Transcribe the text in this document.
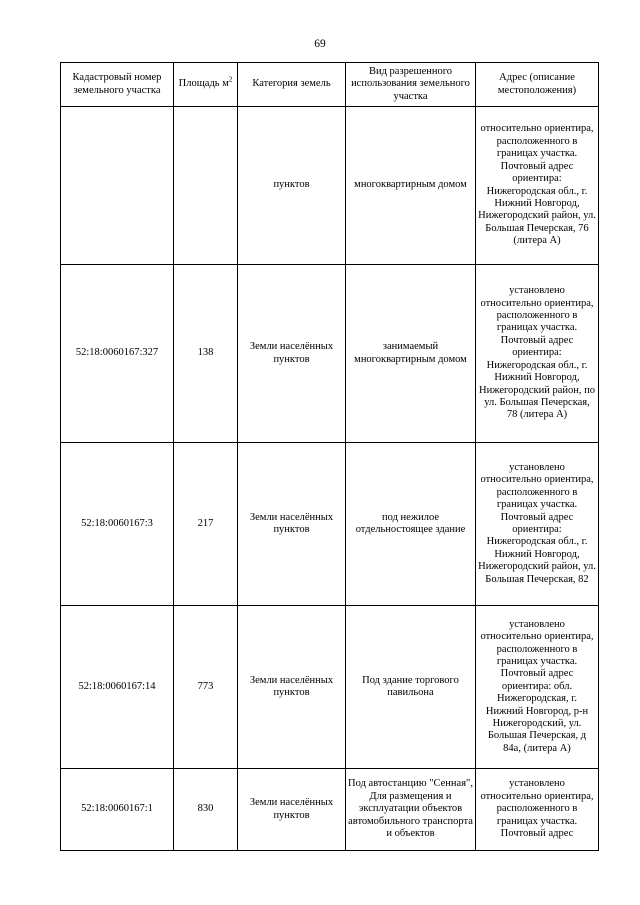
69
Кадастровый номер земельного участка	Площадь $м^2$	Категория земель	Вид разрешенного использования земельного участка	Адрес (описание местоположения)
		пунктов	многоквартирным домом	относительно ориентира, расположенного в границах участка. Почтовый адрес ориентира: Нижегородская обл., г. Нижний Новгород, Нижегородский район, ул. Большая Печерская, 76 (литера А)
52:18:0060167:327	138	Земли населённых пунктов	занимаемый многоквартирным домом	установлено относительно ориентира, расположенного в границах участка. Почтовый адрес ориентира: Нижегородская обл., г. Нижний Новгород, Нижегородский район, по ул. Большая Печерская, 78 (литера А)
52:18:0060167:3	217	Земли населённых пунктов	под нежилое отдельностоящее здание	установлено относительно ориентира, расположенного в границах участка. Почтовый адрес ориентира: Нижегородская обл., г. Нижний Новгород, Нижегородский район, ул. Большая Печерская, 82
52:18:0060167:14	773	Земли населённых пунктов	Под здание торгового павильона	установлено относительно ориентира, расположенного в границах участка. Почтовый адрес ориентира: обл. Нижегородская, г. Нижний Новгород, р-н Нижегородский, ул. Большая Печерская, д 84а, (литера А)
52:18:0060167:1	830	Земли населённых пунктов	Под автостанцию "Сенная", Для размещения и эксплуатации объектов автомобильного транспорта и объектов	установлено относительно ориентира, расположенного в границах участка. Почтовый адрес
